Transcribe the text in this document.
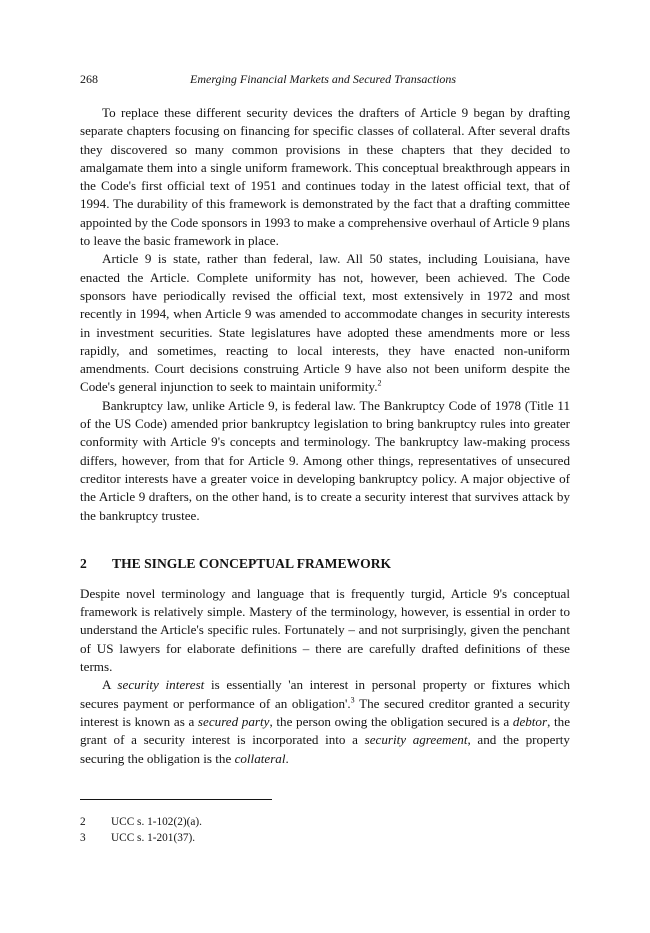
268	Emerging Financial Markets and Secured Transactions

To replace these different security devices the drafters of Article 9 began by drafting separate chapters focusing on financing for specific classes of collateral. After several drafts they discovered so many common provisions in these chapters that they decided to amalgamate them into a single uniform framework. This conceptual breakthrough appears in the Code's first official text of 1951 and continues today in the latest official text, that of 1994. The durability of this framework is demonstrated by the fact that a drafting committee appointed by the Code sponsors in 1993 to make a comprehensive overhaul of Article 9 plans to leave the basic framework in place.

Article 9 is state, rather than federal, law. All 50 states, including Louisiana, have enacted the Article. Complete uniformity has not, however, been achieved. The Code sponsors have periodically revised the official text, most extensively in 1972 and most recently in 1994, when Article 9 was amended to accommodate changes in security interests in investment securities. State legislatures have adopted these amendments more or less rapidly, and sometimes, reacting to local interests, they have enacted non-uniform amendments. Court decisions construing Article 9 have also not been uniform despite the Code's general injunction to seek to maintain uniformity.$^2$

Bankruptcy law, unlike Article 9, is federal law. The Bankruptcy Code of 1978 (Title 11 of the US Code) amended prior bankruptcy legislation to bring bankruptcy rules into greater conformity with Article 9's concepts and terminology. The bankruptcy law-making process differs, however, from that for Article 9. Among other things, representatives of unsecured creditor interests have a greater voice in developing bankruptcy policy. A major objective of the Article 9 drafters, on the other hand, is to create a security interest that survives attack by the bankruptcy trustee.

2 THE SINGLE CONCEPTUAL FRAMEWORK

Despite novel terminology and language that is frequently turgid, Article 9's conceptual framework is relatively simple. Mastery of the terminology, however, is essential in order to understand the Article's specific rules. Fortunately – and not surprisingly, given the penchant of US lawyers for elaborate definitions – there are carefully drafted definitions of these terms.

A security interest is essentially 'an interest in personal property or fixtures which secures payment or performance of an obligation'.$^3$ The secured creditor granted a security interest is known as a secured party, the person owing the obligation secured is a debtor, the grant of a security interest is incorporated into a security agreement, and the property securing the obligation is the collateral.

2 UCC s. 1-102(2)(a).
3 UCC s. 1-201(37).
